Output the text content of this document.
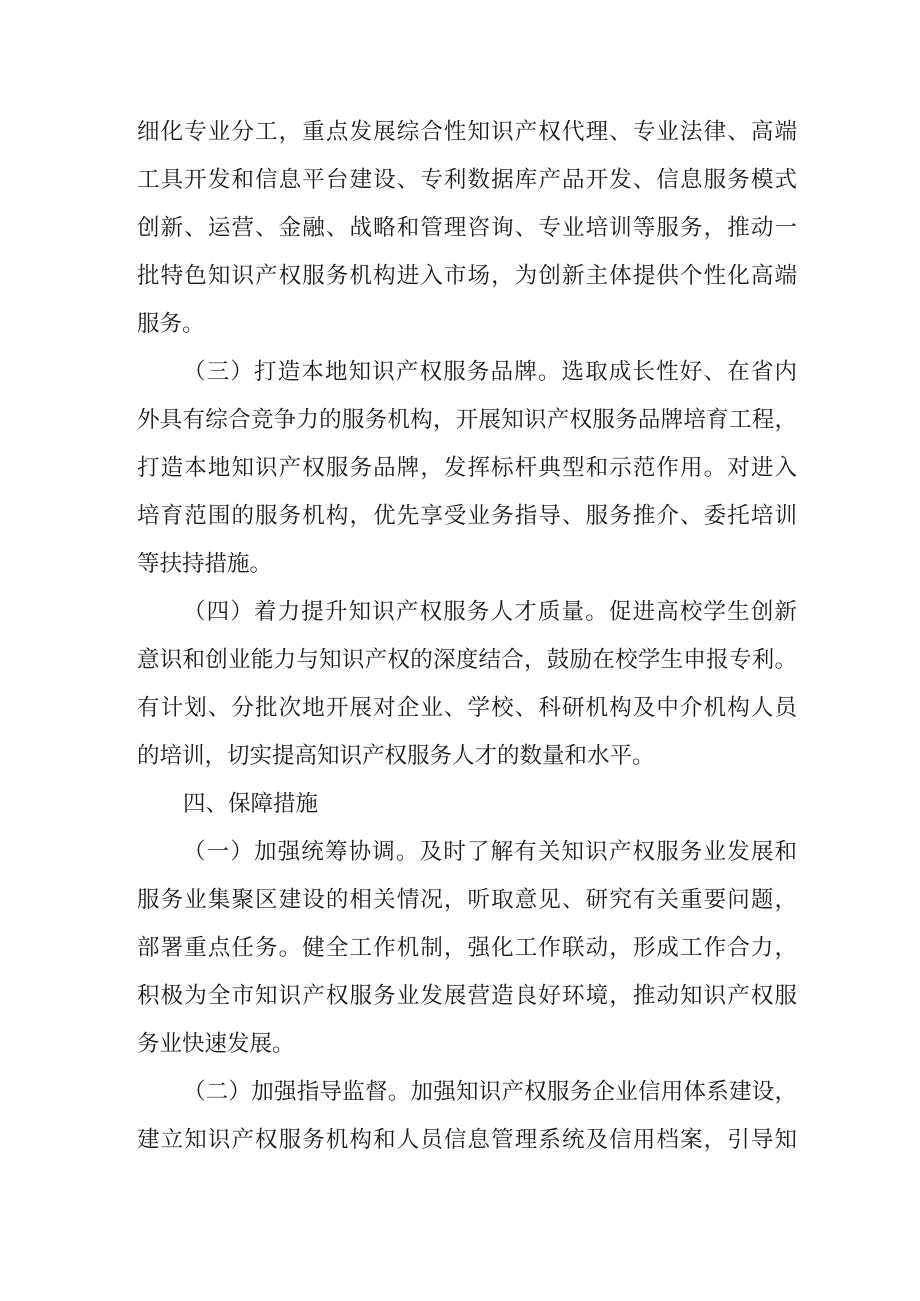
细化专业分工，重点发展综合性知识产权代理、专业法律、高端
工具开发和信息平台建设、专利数据库产品开发、信息服务模式
创新、运营、金融、战略和管理咨询、专业培训等服务，推动一
批特色知识产权服务机构进入市场，为创新主体提供个性化高端
服务。
（三）打造本地知识产权服务品牌。选取成长性好、在省内
外具有综合竞争力的服务机构，开展知识产权服务品牌培育工程，
打造本地知识产权服务品牌，发挥标杆典型和示范作用。对进入
培育范围的服务机构，优先享受业务指导、服务推介、委托培训
等扶持措施。
（四）着力提升知识产权服务人才质量。促进高校学生创新
意识和创业能力与知识产权的深度结合，鼓励在校学生申报专利。
有计划、分批次地开展对企业、学校、科研机构及中介机构人员
的培训，切实提高知识产权服务人才的数量和水平。
四、保障措施
（一）加强统筹协调。及时了解有关知识产权服务业发展和
服务业集聚区建设的相关情况，听取意见、研究有关重要问题，
部署重点任务。健全工作机制，强化工作联动，形成工作合力，
积极为全市知识产权服务业发展营造良好环境，推动知识产权服
务业快速发展。
（二）加强指导监督。加强知识产权服务企业信用体系建设，
建立知识产权服务机构和人员信息管理系统及信用档案，引导知
